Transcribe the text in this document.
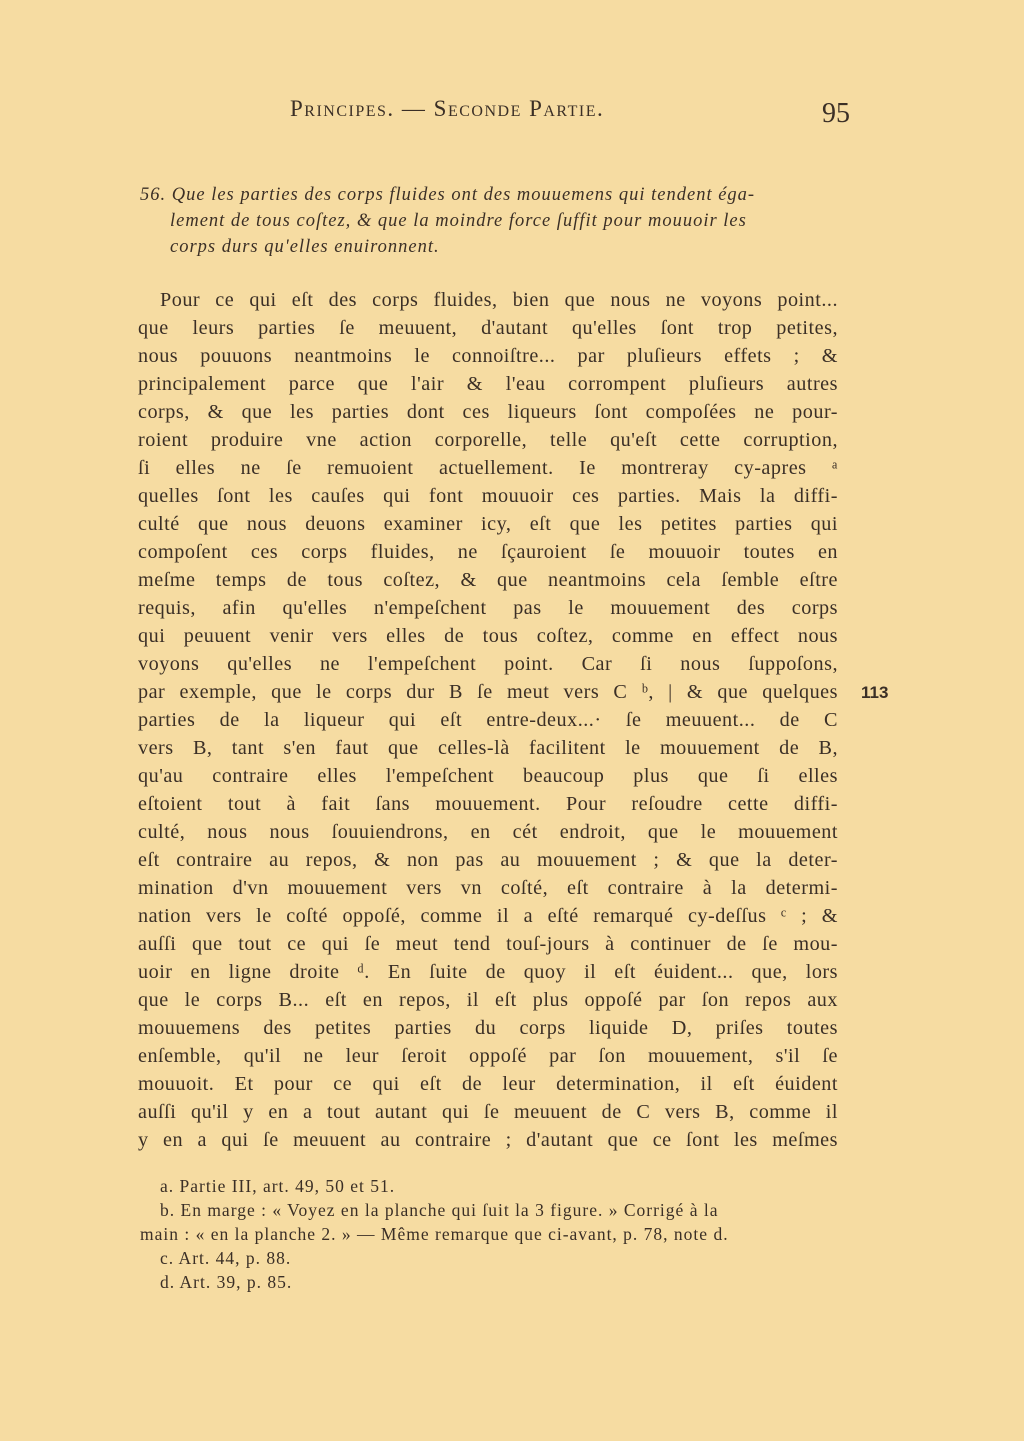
Principes. — Seconde Partie.	95
56. Que les parties des corps fluides ont des mouuemens qui tendent éga-
lement de tous coſtez, & que la moindre force ſuffit pour mouuoir les
corps durs qu'elles enuironnent.
Pour ce qui eſt des corps fluides, bien que nous ne voyons point...
que leurs parties ſe meuuent, d'autant qu'elles ſont trop petites,
nous pouuons neantmoins le connoiſtre... par pluſieurs effets ; &
principalement parce que l'air & l'eau corrompent pluſieurs autres
corps, & que les parties dont ces liqueurs ſont compoſées ne pour-
roient produire vne action corporelle, telle qu'eſt cette corruption,
ſi elles ne ſe remuoient actuellement. Ie montreray cy-apres ᵃ
quelles ſont les cauſes qui font mouuoir ces parties. Mais la diffi-
culté que nous deuons examiner icy, eſt que les petites parties qui
compoſent ces corps fluides, ne ſçauroient ſe mouuoir toutes en
meſme temps de tous coſtez, & que neantmoins cela ſemble eſtre
requis, afin qu'elles n'empeſchent pas le mouuement des corps
qui peuuent venir vers elles de tous coſtez, comme en effect nous
voyons qu'elles ne l'empeſchent point. Car ſi nous ſuppoſons,
par exemple, que le corps dur B ſe meut vers C ᵇ, | & que quelques
parties de la liqueur qui eſt entre-deux...· ſe meuuent... de C
vers B, tant s'en faut que celles-là facilitent le mouuement de B,
qu'au contraire elles l'empeſchent beaucoup plus que ſi elles
eſtoient tout à fait ſans mouuement. Pour reſoudre cette diffi-
culté, nous nous ſouuiendrons, en cét endroit, que le mouuement
eſt contraire au repos, & non pas au mouuement ; & que la deter-
mination d'vn mouuement vers vn coſté, eſt contraire à la determi-
nation vers le coſté oppoſé, comme il a eſté remarqué cy-deſſus ᶜ ; &
auſſi que tout ce qui ſe meut tend touſ-jours à continuer de ſe mou-
uoir en ligne droite ᵈ. En ſuite de quoy il eſt éuident... que, lors
que le corps B... eſt en repos, il eſt plus oppoſé par ſon repos aux
mouuemens des petites parties du corps liquide D, priſes toutes
enſemble, qu'il ne leur ſeroit oppoſé par ſon mouuement, s'il ſe
mouuoit. Et pour ce qui eſt de leur determination, il eſt éuident
auſſi qu'il y en a tout autant qui ſe meuuent de C vers B, comme il
y en a qui ſe meuuent au contraire ; d'autant que ce ſont les meſmes
113
a. Partie III, art. 49, 50 et 51.
b. En marge : « Voyez en la planche qui ſuit la 3 figure. » Corrigé à la
main : « en la planche 2. » — Même remarque que ci-avant, p. 78, note d.
c. Art. 44, p. 88.
d. Art. 39, p. 85.
